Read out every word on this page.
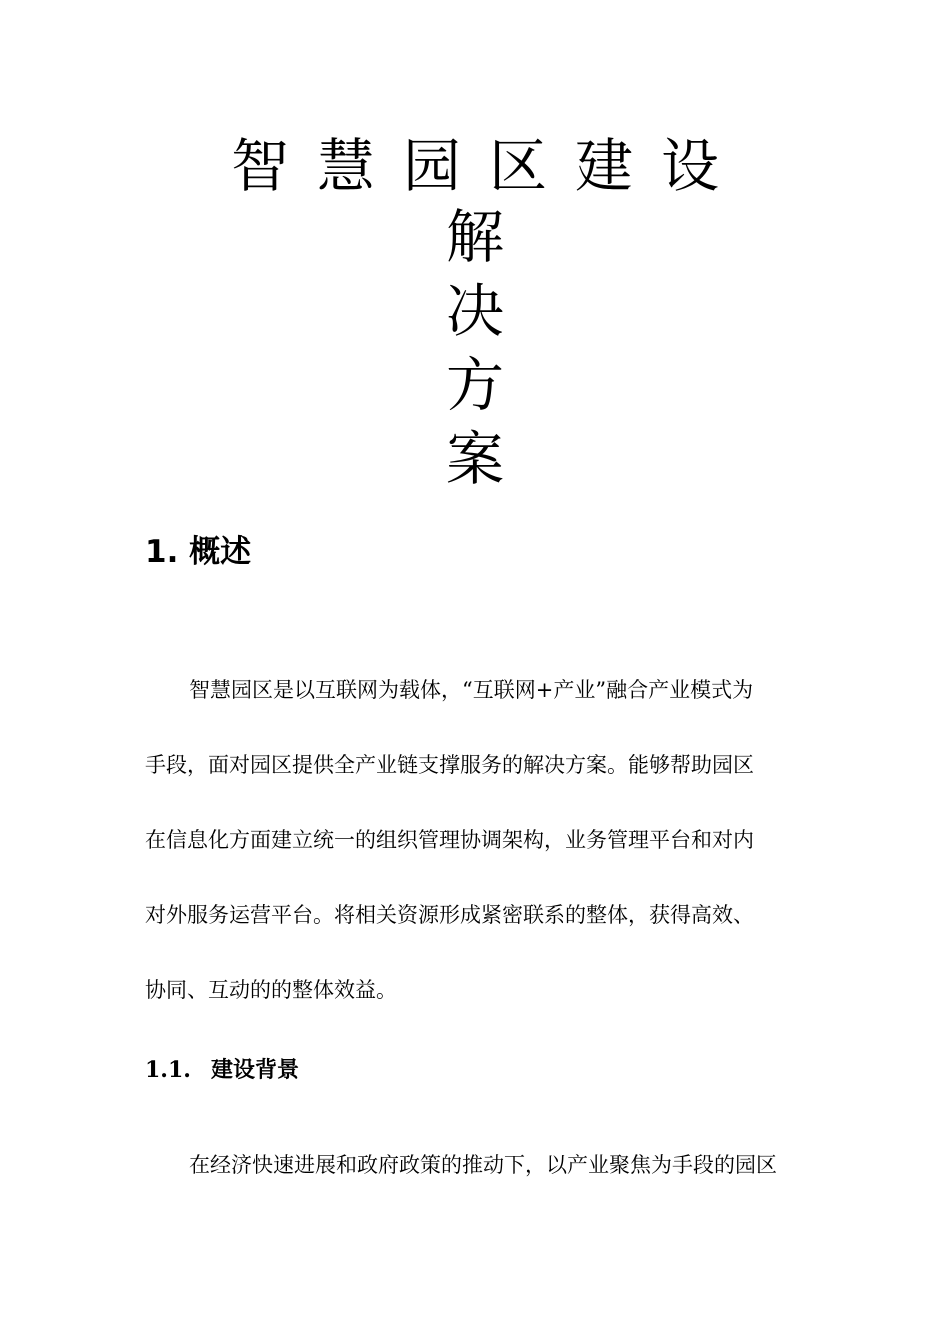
智慧园区建设
解
决
方
案
1. 概述
智慧园区是以互联网为载体，“互联网+产业”融合产业模式为
手段，面对园区提供全产业链支撑服务的解决方案。能够帮助园区
在信息化方面建立统一的组织管理协调架构，业务管理平台和对内
对外服务运营平台。将相关资源形成紧密联系的整体，获得高效、
协同、互动的的整体效益。
1.1. 建设背景
在经济快速进展和政府政策的推动下，以产业聚焦为手段的园区
